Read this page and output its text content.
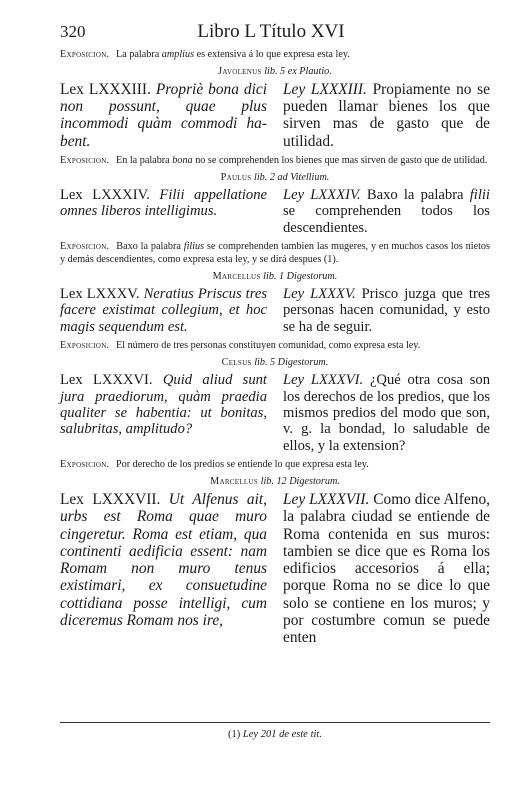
320	Libro L Título XVI

Exposicion. La palabra amplius es extensiva á lo que expresa esta ley.

Javolenus lib. 5 ex Plautio.
Lex LXXXIII. Propriè bona dici non possunt, quae plus incommodi quàm commodi habent.
Ley LXXXIII. Propiamente no se pueden llamar bienes los que sirven mas de gasto que de utilidad.

Exposicion. En la palabra bona no se comprehenden los bienes que mas sirven de gasto que de utilidad.

Paulus lib. 2 ad Vitellium.
Lex LXXXIV. Filii appellatione omnes liberos intelligimus.
Ley LXXXIV. Baxo la palabra filii se comprehenden todos los descendientes.

Exposicion. Baxo la palabra filius se comprehenden tambien las mugeres, y en muchos casos los nietos y demás descendientes, como expresa esta ley, y se dirá despues (1).

Marcellus lib. 1 Digestorum.
Lex LXXXV. Neratius Priscus tres facere existimat collegium, et hoc magis sequendum est.
Ley LXXXV. Prisco juzga que tres personas hacen comunidad, y esto se ha de seguir.

Exposicion. El número de tres personas constituyen comunidad, como expresa esta ley.

Celsus lib. 5 Digestorum.
Lex LXXXVI. Quid aliud sunt jura praediorum, quàm praedia qualiter se habentia: ut bonitas, salubritas, amplitudo?
Ley LXXXVI. ¿Qué otra cosa son los derechos de los predios, que los mismos predios del modo que son, v. g. la bondad, lo saludable de ellos, y la extension?

Exposicion. Por derecho de los predios se entiende lo que expresa esta ley.

Marcellus lib. 12 Digestorum.
Lex LXXXVII. Ut Alfenus ait, urbs est Roma quae muro cingeretur. Roma est etiam, qua continenti aedificia essent: nam Romam non muro tenus existimari, ex consuetudine cottidiana posse intelligi, cum diceremus Romam nos ire,
Ley LXXXVII. Como dice Alfeno, la palabra ciudad se entiende de Roma contenida en sus muros: tambien se dice que es Roma los edificios accesorios á ella; porque Roma no se dice lo que solo se contiene en los muros; y por costumbre comun se puede enten
(1) Ley 201 de este tit.
